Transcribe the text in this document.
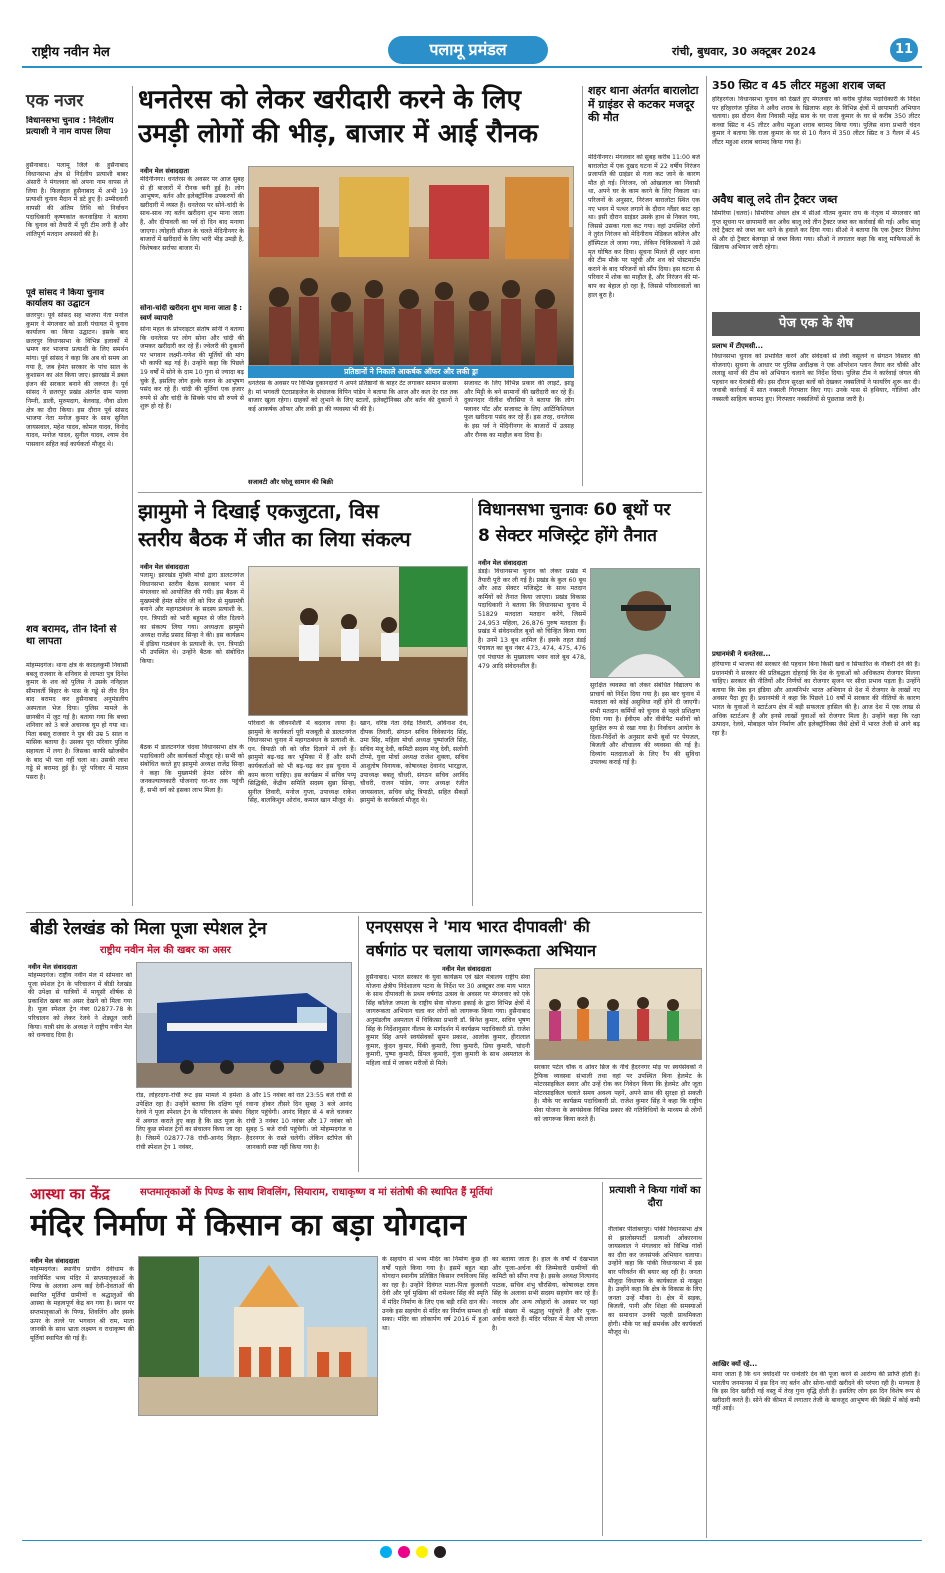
राष्ट्रीय नवीन मेल	पलामू प्रमंडल	रांची, बुधवार, 30 अक्टूबर 2024	11
एक नजर
विधानसभा चुनाव : निर्दलीय प्रत्याशी ने नाम वापस लिया
हुसैनाबाद। पलामू जिले के हुसैनाबाद विधानसभा क्षेत्र से निर्दलीय प्रत्याशी बाबर अंसारी ने मंगलवार को अपना नाम वापस ले लिया है। फिलहाल हुसैनाबाद में अभी 19 प्रत्याशी चुनाव मैदान में डटे हुए हैं। उम्मीदवारी वापसी की अंतिम तिथि को निर्वाचन पदाधिकारी कृष्णकांत कनवाड़िया ने बताया कि चुनाव को तैयारी में पूरी टीम लगी है और शांतिपूर्ण मतदान अफसरों की है।
पूर्व सांसद ने किया चुनाव कार्यालय का उद्घाटन
छतरपुर। पूर्व सांसद सह भाजपा नेता मनोज कुमार ने मंगलवार को डाली पंचायत में चुनाव कार्यालय का किया उद्घाटन। इसके बाद छतरपुर विधानसभा के विभिन्न इलाकों में भ्रमण कर भाजपा प्रत्याशी के लिए समर्थन मांगा। पूर्व सांसद ने कहा कि अब वो समय आ गया है, जब हेमंत सरकार के पांच साल के कुशासन का अंत किया जाए। झारखंड में डबल इंजन की सरकार बनाने की जरूरत है। पूर्व सांसद ने छतरपुर प्रखंड अंतर्गत ग्राम पलवा निम्नी, डाली, मुरुमदाग, बेलवाड़, नौवा ढोला क्षेत्र का दौरा किया। इस दौरान पूर्व सांसद भाजपा नेता मनोज कुमार के साथ सुनिल जायसवाल, महेश यादव, कोमल यादव, विनोद यादव, मनोज यादव, सुनील यादव, श्याम देव पासवान सहित कई कार्यकर्ता मौजूद थे।
शव बरामद, तीन दिनों से था लापता
मोहम्मदगंज। थाना क्षेत्र के कादलकुर्मी निवासी बबलू राजवार के शनिवार से लापता पुत्र दिनेश कुमार के शव को पुलिस ने उसके ननिहाल सीमावर्ती बिहार के पास के गड्ढे से तीन दिन बाद बरामद कर हुसैनाबाद अनुमंडलीय अस्पताल भेज दिया। पुलिस मामले के छानबीन में जुट गई है। बताया गया कि बच्चा शनिवार को 3 बजे अचानक घूम हो गया था। पिता बबलू राजवार ने पुत्र की उम्र 5 साल व मासिक बताया है। उसका पूरा परिवार पुलिस सहायता में लगा है। जिसका काफी खोजबीन के बाद भी पता नहीं चला था। उसकी लाश गड्ढे से बरामद हुई है। पूरे परिवार में मातम पसरा है।
धनतेरस को लेकर खरीदारी करने के लिए
उमड़ी लोगों की भीड़, बाजार में आई रौनक
नवीन मेल संवाददाता
मेदिनीनगर। धनतेरस के अवसर पर आज सुबह से ही बाजारों में रौनक बनी हुई है। लोग आभूषण, बर्तन और इलेक्ट्रॉनिक उपकरणों की खरीदारी में व्यस्त हैं। धनतेरस पर सोने-चांदी के साथ-साथ नए बर्तन खरीदना शुभ माना जाता है, और दीपावली का पर्व दो दिन बाद मनाया जाएगा। त्योहारी सीजन के चलते मेदिनीनगर के बाजारों में खरीदारों के लिए भारी भीड़ उमड़ी है, विशेषकर सर्राफा बाजार में।
सोना-चांदी खरीदना शुभ माना जाता है : स्वर्ण व्यापारी
सोना महल के प्रोपराइटर संतोष सोनी ने बताया कि धनतेरस पर लोग सोना और चांदी की जमकर खरीदारी कर रहे हैं। ज्वेलरी की दुकानों पर भगवान लक्ष्मी-गणेश की मूर्तियों की मांग भी काफी बढ़ गई है। उन्होंने कहा कि पिछले 19 वर्षों में सोने के दाम 10 गुना से ज्यादा बढ़ चुके हैं, इसलिए लोग हल्के वजन के आभूषण पसंद कर रहे हैं। चांदी की मूर्तियां एक हजार रुपये से और चांदी के सिक्के पांच सौ रुपये से शुरू हो रहे हैं।
प्रतिष्ठानों ने निकाले आकर्षक ऑफर और लकी ड्रा
धनतेरस के अवसर पर विभिन्न दुकानदारों ने अपने प्रतिष्ठानों के बाहर टेंट लगाकर सामान सजाया है। मां भगवती एंटरप्राइजेज के संचालक विपिन पांडेय ने बताया कि आज और कल देर रात तक बाजार खुला रहेगा। ग्राहकों को लुभाने के लिए स्टालों, इलेक्ट्रॉनिक्स और बर्तन की दुकानों ने कई आकर्षक ऑफर और लकी ड्रा की व्यवस्था भी की है।
सजावटी और घरेलू सामान की बिक्री
सजावट के लिए विभिन्न प्रकार की लाइटें, झाडू और मिट्टी के बने सामानों की खरीदारी कर रहे हैं। दुकानदार नीतीश चौरसिया ने बताया कि लोग फ्लावर पॉट और सजावट के लिए आर्टिफिशियल फूल खरीदना पसंद कर रहे हैं। इस तरह, धनतेरस के इस पर्व ने मेदिनीनगर के बाजारों में उत्साह और रौनक का माहौल बना दिया है।
शहर थाना अंतर्गत बारालोटा में ग्राइंडर से कटकर मजदूर की मौत
मेदिनीनगर। मंगलवार को सुबह करीब 11:00 बजे बारालोटा में एक दुखद घटना में 22 वर्षीय निरंजन प्रजापति की ग्राइंडर से गला कट जाने के कारण मौत हो गई। निरंजन, जो ओखलाल का निवासी था, अपने घर के काम करने के लिए निकला था। परिजनों के अनुसार, निरंजन बारालोटा स्थित एक नए भवन में पत्थर लगाने के दौरान ग्लैंडर काट रहा था। इसी दौरान ग्राइंडर उसके हाथ से निकल गया, जिससे उसका गला कट गया। वहां उपस्थित लोगों ने तुरंत निरंजन को मेदिनीराय मेडिकल कॉलेज और हॉस्पिटल ले जाया गया, लेकिन चिकित्सकों ने उसे मृत घोषित कर दिया। सूचना मिलते ही शहर थाना की टीम मौके पर पहुंची और शव को पोस्टमार्टम कराने के बाद परिजनों को सौंप दिया। इस घटना से परिवार में शोक का माहौल है, और निरंजन की मां-बाप का बेहाल हो रहा है, जिससे परिवारवालों का हाल बुरा है।
350 स्प्रिट व 45 लीटर महुआ शराब जब्त
हरिहरगंज। विधानसभा चुनाव को देखते हुए मंगलवार को करीब पुलिस पदाधिकारी के निर्देश पर हरिहरगंज पुलिस ने अवैध शराब के खिलाफ शहर के विभिन्न क्षेत्रों में छापामारी अभियान चलाया। इस दौरान थैला निवासी महेंद्र साव के घर राजा कुमार के घर से करीब 350 लीटर कच्चा स्प्रिट व 45 लीटर अवैध महुआ शराब बरामद किया गया। पुलिस थाना प्रभारी चंदन कुमार ने बताया कि राजा कुमार के घर से 10 गैलन में 350 लीटर स्प्रिट व 3 गैलन में 45 लीटर महुआ शराब बरामद किया गया है।
अवैध बालू लदे तीन ट्रैक्टर जब्त
सिमरिया (चतरा)। सिमरिया अंचल क्षेत्र में सीओ गौतम कुमार राय के नेतृत्व में मंगलवार को गुप्त सूचना पर छापामारी कर अवैध बालू लदे तीन ट्रैक्टर जब्त कर कार्रवाई की गई। अवैध बालू लदे ट्रैक्टर को जब्त कर थाने के हवाले कर दिया गया। सीओ ने बताया कि एक ट्रैक्टर तिलेया से और दो ट्रैक्टर बेलगड़ा से जब्त किया गया। सीओ ने लगातार कहा कि बालू माफियाओं के खिलाफ अभियान जारी रहेगा।
पेज एक के शेष
प्रलाभ में टीएमसी...
विधानसभा चुनाव को प्रभावित करने और संवेदकों से लेवी वसूलने व संगठन विस्तार की योजनाएं। सुचना के आधार पर पुलिस अधीक्षक ने एक ऑपरेशन प्लान तैयार कर चौकी और ललाडू थानों की टीम को अभियान चलाने का निर्देश दिया। पुलिस टीम ने कार्रवाई जंगल की पहचान कर घेराबंदी की। इस दौरान सुरक्षा बलों को देखकर नक्सलियों ने फायरिंग शुरू कर दी। जवाबी कार्रवाई में सात नक्सली गिरफ्तार किए गए। उनके पास से हथियार, गोलियां और नक्सली साहित्य बरामद हुए। गिरफ्तार नक्सलियों से पूछताछ जारी है।
प्रधानमंत्री ने धनतेरस...
हरियाणा में भाजपा की सरकार की पहचान बिना किसी खर्चे व सिफारिश के नौकरी देने की है। प्रधानमंत्री ने सरकार की प्रतिबद्धता दोहराई कि देश के युवाओं को अधिकतम रोजगार मिलना चाहिए। सरकार की नीतियों और निर्णयों का रोजगार सृजन पर सीधा प्रभाव पड़ता है। उन्होंने बताया कि मेक इन इंडिया और आत्मनिर्भर भारत अभियान से देश में रोजगार के लाखों नए अवसर पैदा हुए हैं। प्रधानमंत्री ने कहा कि पिछले 10 वर्षों में सरकार की नीतियों के कारण भारत के युवाओं ने स्टार्टअप क्षेत्र में बड़ी सफलता हासिल की है। आज देश में एक लाख से अधिक स्टार्टअप हैं और इनसे लाखों युवाओं को रोजगार मिला है। उन्होंने कहा कि रक्षा उत्पादन, रेलवे, मोबाइल फोन निर्माण और इलेक्ट्रॉनिक्स जैसे क्षेत्रों में भारत तेजी से आगे बढ़ रहा है।
आखिर क्यों रहे...
माना जाता है कि धन त्रयोदशी पर धन्वंतरि देव की पूजा करने से आरोग्य की प्राप्ति होती है। भारतीय जनमानस में इस दिन नए बर्तन और सोना-चांदी खरीदने की परंपरा रही है। मान्यता है कि इस दिन खरीदी गई वस्तु में तेरह गुना वृद्धि होती है। इसलिए लोग इस दिन विशेष रूप से खरीदारी करते हैं। सोने की कीमत में लगातार तेजी के बावजूद आभूषण की बिक्री में कोई कमी नहीं आई।
झामुमो ने दिखाई एकजुटता, विस
स्तरीय बैठक में जीत का लिया संकल्प
नवीन मेल संवाददाता
पलामू। झारखंड मुक्ति मोर्चा द्वारा डालटनगंज विधानसभा स्तरीय बैठक सरकार भवन में मंगलवार को आयोजित की गयी। इस बैठक में मुख्यमंत्री हेमंत सोरेन जी को फिर से मुख्यमंत्री बनाने और महागठबंधन के सदस्य प्रत्याशी के. एन. त्रिपाठी को भारी बहुमत से जीत दिलाने का संकल्प लिया गया। अध्यक्षता झामुमो अध्यक्ष राजेंद्र प्रसाद सिन्हा ने की। इस कार्यक्रम में इंडिया गठबंधन के प्रत्याशी के. एन. त्रिपाठी भी उपस्थित थे। उन्होंने बैठक को संबोधित किया।
बैठक में डालटनगंज चंदवा विधानसभा क्षेत्र के पदाधिकारी और कार्यकर्ता मौजूद रहे। सभी को संबोधित करते हुए झामुमो अध्यक्ष राजेंद्र सिन्हा ने कहा कि मुख्यमंत्री हेमंत सोरेन की जनकल्याणकारी योजनाएं घर-घर तक पहुंची हैं, सभी वर्ग को इसका लाभ मिला है।
परिवारों के जीवनशैली में बदलाव लाया है। झामुमो के कार्यकर्ता पूरी मजबूती से डालटनगंज विधानसभा चुनाव में महागठबंधन के प्रत्याशी के. एन. त्रिपाठी जी को जीत दिलाने में लगे हैं। झामुमो बढ़-चढ़ कर भूमिका में हैं और सभी कार्यकर्ताओं को भी बढ़-चढ़ कर इस चुनाव में काम करना चाहिए। इस कार्यक्रम में सचिव पप्पू सिद्धिकी, केंद्रीय समिति सदस्य सुन्ना सिन्हा, सुनील तिवारी, मनोज गुप्ता, उपाध्यक्ष राकेश सिंह, बालकिशुन ओरांव, कमाल खान मौजूद थे।
खान, वरिष्ठ नेता देवेंद्र तिवारी, अविनाश देव, दीपक तिवारी, संगठन सचिव विवेकानंद सिंह, उमा सिंह, महिला मोर्चा अध्यक्ष पुष्पांजलि सिंह, सचिव मंजू देवी, कमिटी सदस्य मंजू देवी, सलोनी टोप्पो, युवा मोर्चा अध्यक्ष राजेश शुक्ला, सचिव आशुतोष विनायक, कोषाध्यक्ष देवानंद भारद्वाज, उपाध्यक्ष बबलू चौधरी, संगठन सचिव अरविंद चौधरी, राजन पांडेय, नगर अध्यक्ष रंजीत जायसवाल, सचिव छोटू त्रिपाठी, सहित सैकड़ों झामुमो के कार्यकर्ता मौजूद थे।
विधानसभा चुनावः 60 बूथों पर
8 सेक्टर मजिस्ट्रेट होंगे तैनात
नवीन मेल संवाददाता
डंडई। विधानसभा चुनाव को लेकर प्रखंड में तैयारी पूरी कर ली गई है। प्रखंड के कुल 60 बूथ और आठ सेक्टर मजिस्ट्रेट के साथ मतदान कर्मियों को तैनात किया जाएगा। प्रखंड विकास पदाधिकारी ने बताया कि विधानसभा चुनाव में 51829 मतदाता मतदान करेंगे, जिसमें 24,953 महिला, 26,876 पुरुष मतदाता हैं। प्रखंड में संवेदनशील बूथों को चिन्हित किया गया है। उनमें 13 बूथ शामिल हैं। इसके तहत डंडई पंचायत का बूथ नंबर 473, 474, 475, 476 एवं पंचायत के मुख्यालय भवन वाले बूथ 478, 479 आदि संवेदनशील हैं।
सुरक्षित व्यवस्था को लेकर संबंधित विद्यालय के प्राचार्य को निर्देश दिया गया है। इस बार चुनाव में मतदाता को कोई असुविधा नहीं होने दी जाएगी। सभी मतदान कर्मियों को चुनाव से पहले प्रशिक्षण दिया गया है। ईवीएम और वीवीपैट मशीनों को सुरक्षित रूप से रखा गया है। निर्वाचन आयोग के दिशा-निर्देशों के अनुसार सभी बूथों पर पेयजल, बिजली और शौचालय की व्यवस्था की गई है। दिव्यांग मतदाताओं के लिए रैंप की सुविधा उपलब्ध कराई गई है।
बीडी रेलखंड को मिला पूजा स्पेशल ट्रेन
राष्ट्रीय नवीन मेल की खबर का असर
नवीन मेल संवाददाता
मोहम्मदगंज। राष्ट्रीय नवीन मेल में सोमवार को पूजा स्पेशल ट्रेन के परिचालन में बीडी रेलखंड की उपेक्षा से यात्रियों में मायूसी शीर्षक से प्रकाशित खबर का असर देखने को मिला गया है। पूजा स्पेशल ट्रेन नंबर 02877-78 के परिचालन को लेकर रेलवे ने शेड्यूल जारी किया। यात्री संघ के अध्यक्ष ने राष्ट्रीय नवीन मेल को धन्यवाद दिया है।
रोड, लोहरदगा-रांची रूट इस मामले में हमेशा उपेक्षित रहा है। उन्होंने बताया कि दक्षिण पूर्व रेलवे ने पूजा स्पेशल ट्रेन के परिचालन के संबंध में अवगत कराते हुए कहा है कि छठ पूजा के लिए कुछ स्पेशल ट्रेनों का संचालन किया जा रहा है। जिसमें 02877-78 रांची-आनंद विहार-रांची स्पेशल ट्रेन 1 नवंबर,
8 और 15 नवंबर को रात 23:55 बजे रांची से रवाना होकर तीसरे दिन सुबह 3 बजे आनंद विहार पहुंचेगी। आनंद विहार से 4 बजे चलकर रांची 3 नवंबर 10 नवंबर और 17 नवंबर को सुबह 5 बजे रांची पहुंचेगी। जो मोहम्मदगंज व हैदरनगर के रास्ते चलेगी। लेकिन स्टॉपेज की जानकारी स्पष्ट नहीं किया गया है।
एनएसएस ने 'माय भारत दीपावली' की
वर्षगांठ पर चलाया जागरूकता अभियान
नवीन मेल संवाददाता
हुसैनाबाद। भारत सरकार के युवा कार्यक्रम एवं खेल मंत्रालय राष्ट्रीय सेवा योजना क्षेत्रीय निदेशालय पटना के निर्देश पर 30 अक्टूबर तक माय भारत के साथ दीपावली के प्रथम वर्षगांठ उत्सव के अवसर पर मंगलवार को एके सिंह कॉलेज जपला के राष्ट्रीय सेवा योजना इकाई के द्वारा विभिन्न क्षेत्रों में जागरूकता अभियान चला कर लोगों को जागरूक किया गया। हुसैनाबाद अनुमंडलीय अस्पताल में चिकित्सा प्रभारी डॉ. बिनेश कुमार, सचिव भूषण सिंह के निर्देशानुसार नीलम के मार्गदर्शन में कार्यक्रम पदाधिकारी प्रो. राजेश कुमार सिंह अपने स्वयंसेवकों सुमन प्रकाश, आलोक कुमार, हीरालाल कुमार, कुंदन कुमार, पिंकी कुमारी, रिया कुमारी, प्रिया कुमारी, चांदनी कुमारी, पुष्पा कुमारी, डिंपल कुमारी, गुंजा कुमारी के साथ अस्पताल के महिला वार्ड में जाकर मरीजों से मिले।
सरकार पटेल चौक व ओवर ब्रिज के नीचे हैदरनगर मोड़ पर स्वयंसेवकों ने ट्रैफिक व्यवस्था संभाली तथा वहां पर उपस्थित बिना हेलमेट के मोटरसाइकिल सवार और उन्हें रोक कर निवेदन किया कि हेलमेट और जूता मोटरसाइकिल चलाते समय अवश्य पहनें, अपने साथ की सुरक्षा हो सकती है। मौके पर कार्यक्रम पदाधिकारी प्रो. राजेश कुमार सिंह ने कहा कि राष्ट्रीय सेवा योजना के स्वयंसेवक विभिन्न प्रकार की गतिविधियों के माध्यम से लोगों को जागरूक किया करते हैं।
आस्था का केंद्र	सप्तमातृकाओं के पिण्ड के साथ शिवलिंग, सियाराम, राधाकृष्ण व मां संतोषी की स्थापित हैं मूर्तियां
मंदिर निर्माण में किसान का बड़ा योगदान
नवीन मेल संवाददाता
मोहम्मदगंज। स्थानीय प्राचीन देवीधाम के नवनिर्मित भव्य मंदिर में सप्तमातृकाओं के पिण्ड के अलावा अन्य कई देवी-देवताओं की स्थापित मूर्तियां ग्रामीणों व श्रद्धालुओं की आस्था के महत्वपूर्ण केंद्र बन गया है। स्थान पर सप्तमातृकाओं के पिण्ड, शिवलिंग और इसके ऊपर के तल्ले पर भगवान श्री राम, माता जानकी के साथ भ्राता लक्ष्मण व राधाकृष्ण की मूर्तियां स्थापित की गई हैं।
के सहयोग से भव्य मंदिर का निर्माण कुछ ही वर्षों पहले किया गया है। इसमें बहुत बड़ा योगदान स्थानीय प्रतिष्ठित किसान रणविजय सिंह का रहा है। उन्होंने दिवंगत माता-पिता कुलवंती देवी और पूर्व मुखिया श्री रामेश्वर सिंह की स्मृति में मंदिर निर्माण के लिए एक बड़ी राशि दान की। उनके इस सहयोग से मंदिर का निर्माण सम्भव हो सका। मंदिर का लोकार्पण वर्ष 2016 में हुआ था।
का बताया जाता है। हाल के वर्षों में देखभाल और पूजा-अर्चना की जिम्मेवारी ग्रामीणों की कमिटी को सौंपा गया है। इसके अध्यक्ष नित्यानंद पाठक, सचिव शंभु चौरसिया, कोषाध्यक्ष राघव सिंह के अलावा सभी सदस्य सहयोग कर रहे हैं। नवरात्र और अन्य त्योहारों के अवसर पर यहां बड़ी संख्या में श्रद्धालु पहुंचते हैं और पूजा-अर्चना करते हैं। मंदिर परिसर में मेला भी लगता है।
प्रत्याशी ने किया गांवों का दौरा
नीलांबर पीतांबरपुर। पांकी विधानसभा क्षेत्र से झालोसपार्टी प्रत्याशी ओंकारनाथ जायसवाल ने मंगलवार को विभिन्न गांवों का दौरा कर जनसंपर्क अभियान चलाया। उन्होंने कहा कि पांकी विधानसभा में इस बार परिवर्तन की बयार बह रही है। जनता मौजूदा विधायक के कार्यकाल से नाखुश है। उन्होंने कहा कि क्षेत्र के विकास के लिए जनता उन्हें मौका दे। क्षेत्र में सड़क, बिजली, पानी और शिक्षा की समस्याओं का समाधान उनकी पहली प्राथमिकता होगी। मौके पर कई समर्थक और कार्यकर्ता मौजूद थे।
